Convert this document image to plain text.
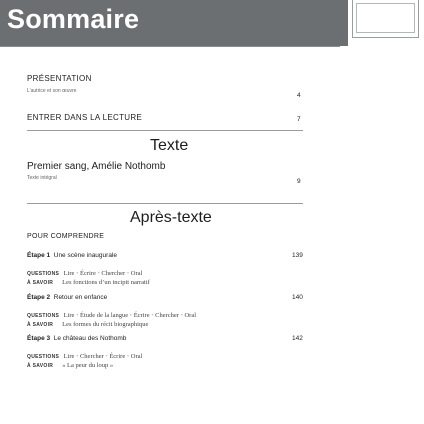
Sommaire
PRÉSENTATION
L’autrice et son œuvre
4
ENTRER DANS LA LECTURE	7
Texte
Premier sang, Amélie Nothomb
Texte intégral	9
Après-texte
POUR COMPRENDRE
Étape 1 Une scène inaugurale	139
QUESTIONS Lire • Écrire • Chercher • Oral
À SAVOIR Les fonctions d’un incipit narratif
Étape 2 Retour en enfance	140
QUESTIONS Lire • Étude de la langue • Écrire • Chercher • Oral
À SAVOIR Les formes du récit biographique
Étape 3 Le château des Nothomb	142
QUESTIONS Lire • Chercher • Écrire • Oral
À SAVOIR « La peur du loup »
